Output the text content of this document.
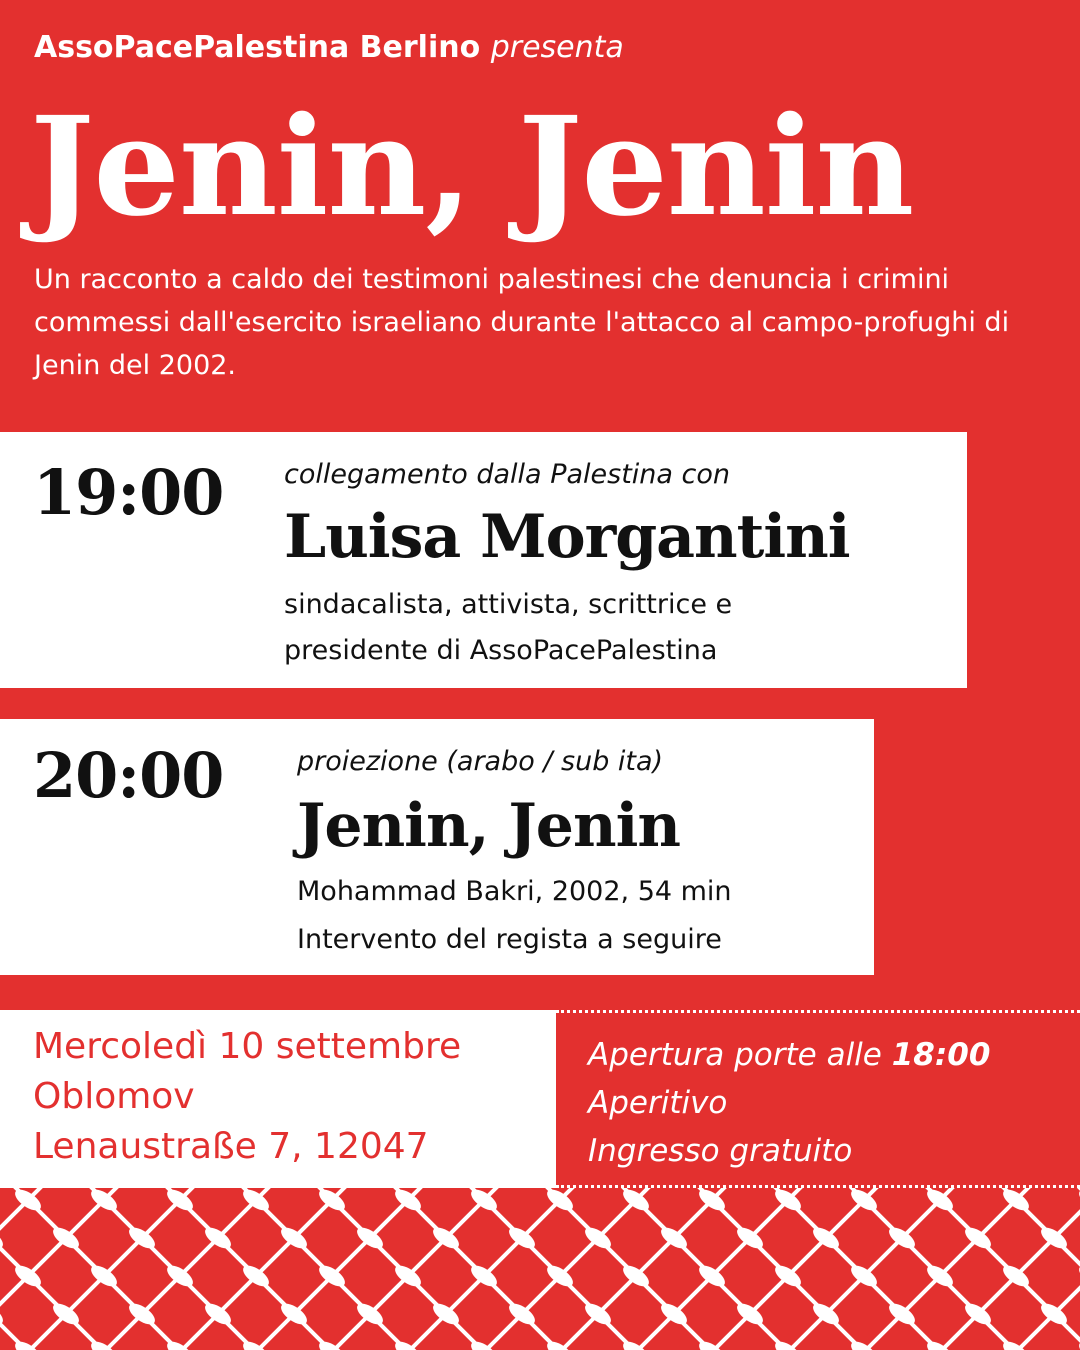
AssoPacePalestina Berlino presenta
Jenin, Jenin
Un racconto a caldo dei testimoni palestinesi che denuncia i crimini commessi dall'esercito israeliano durante l'attacco al campo-profughi di Jenin del 2002.
19:00 collegamento dalla Palestina con
Luisa Morgantini
sindacalista, attivista, scrittrice e
presidente di AssoPacePalestina
20:00	proiezione (arabo / sub ita)
Jenin, Jenin
Mohammad Bakri, 2002, 54 min
Intervento del regista a seguire
Mercoledì 10 settembre
Oblomov
Lenaustraße 7, 12047
Apertura porte alle 18:00
Aperitivo
Ingresso gratuito
